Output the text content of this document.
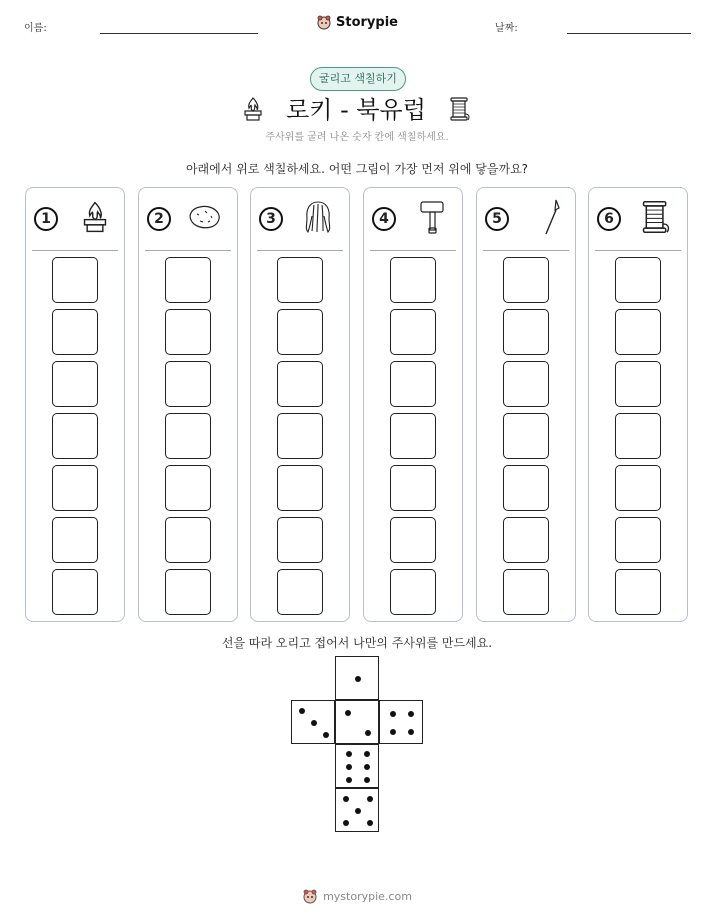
이름:	Storypie	날짜:
굴리고 색칠하기
로키 - 북유럽
주사위를 굴려 나온 숫자 칸에 색칠하세요.
아래에서 위로 색칠하세요. 어떤 그림이 가장 먼저 위에 닿을까요?
1	2	3	4	5	6
선을 따라 오리고 접어서 나만의 주사위를 만드세요.
mystorypie.com
